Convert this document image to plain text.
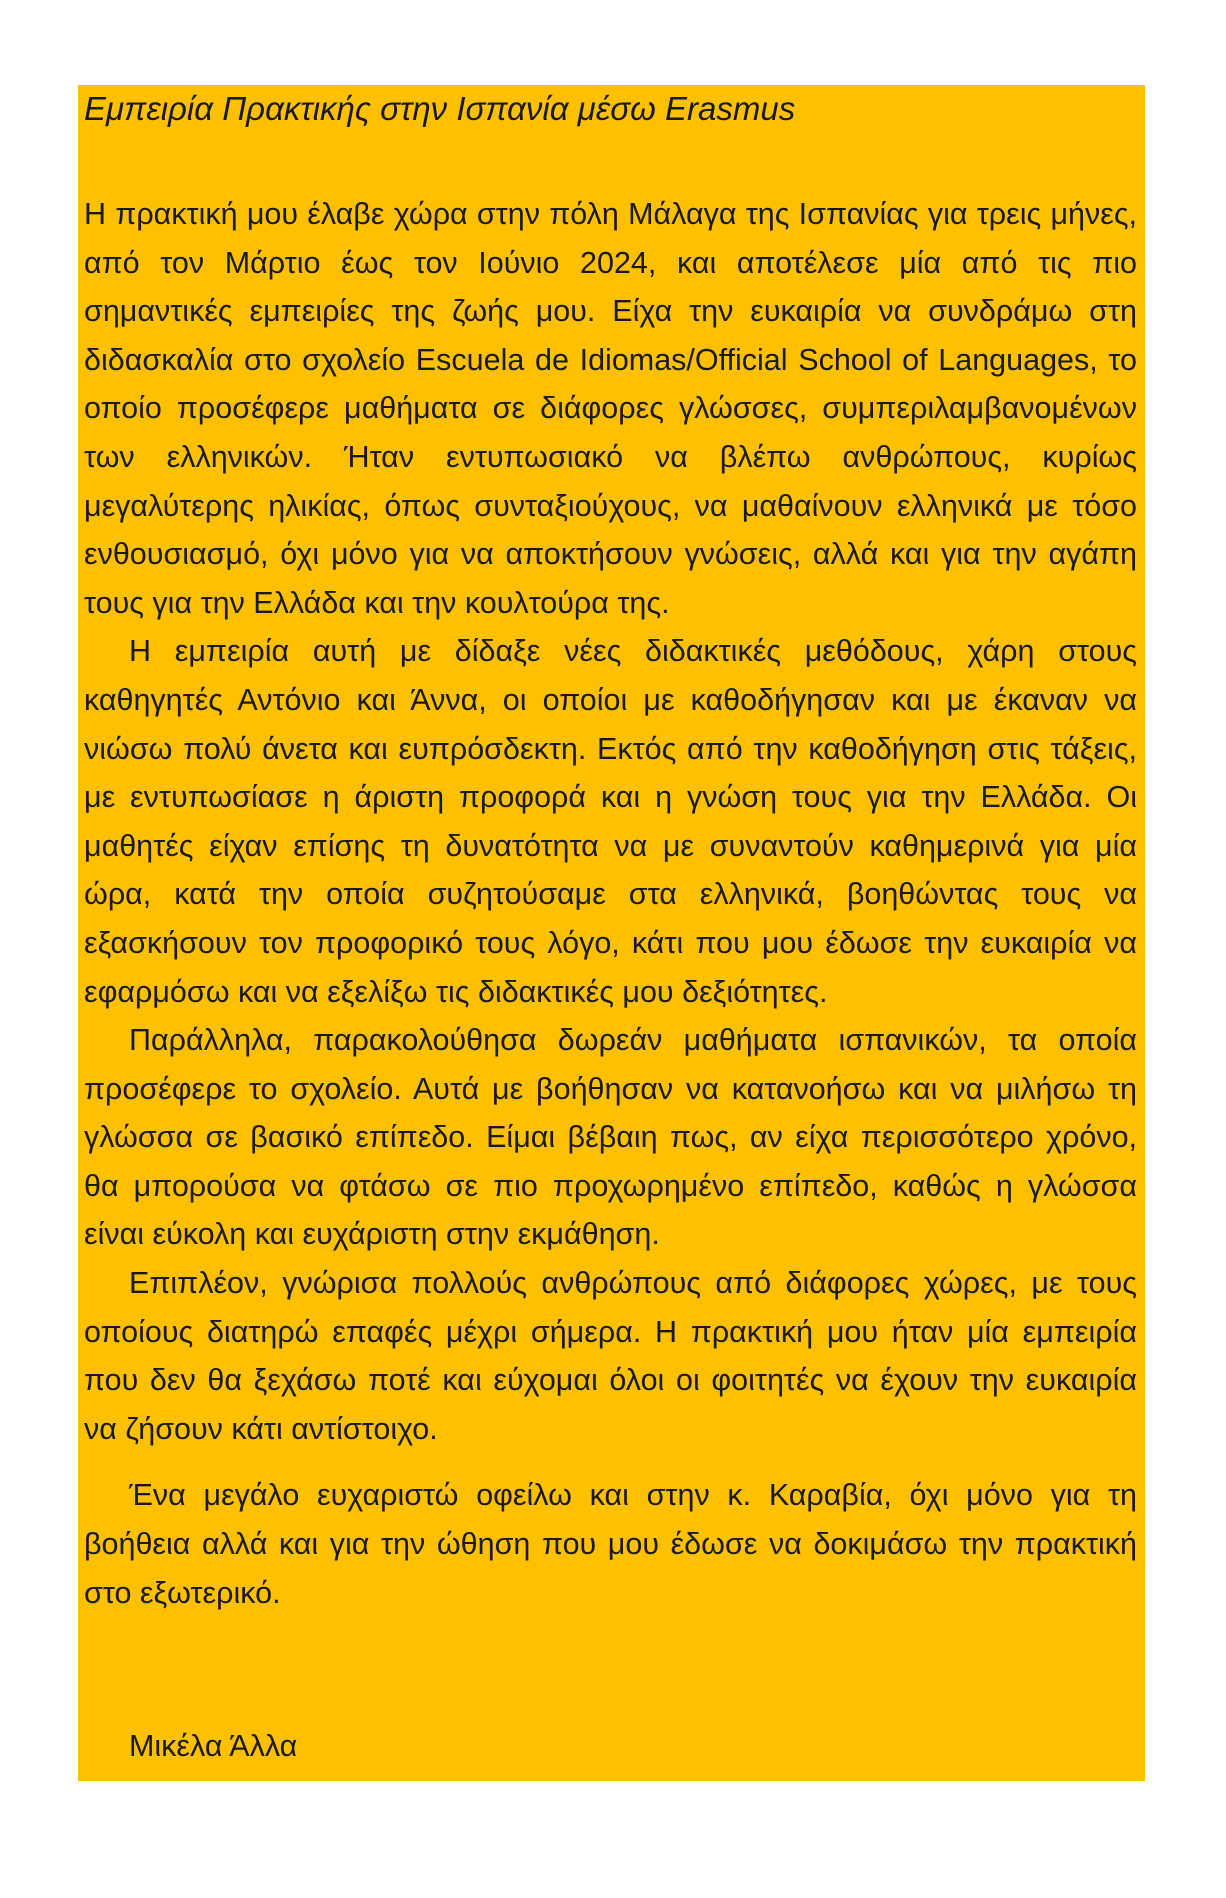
Εμπειρία Πρακτικής στην Ισπανία μέσω Erasmus

Η πρακτική μου έλαβε χώρα στην πόλη Μάλαγα της Ισπανίας για τρεις μήνες, από τον Μάρτιο έως τον Ιούνιο 2024, και αποτέλεσε μία από τις πιο σημαντικές εμπειρίες της ζωής μου. Είχα την ευκαιρία να συνδράμω στη διδασκαλία στο σχολείο Escuela de Idiomas/Official School of Languages, το οποίο προσέφερε μαθήματα σε διάφορες γλώσσες, συμπεριλαμβανομένων των ελληνικών. Ήταν εντυπωσιακό να βλέπω ανθρώπους, κυρίως μεγαλύτερης ηλικίας, όπως συνταξιούχους, να μαθαίνουν ελληνικά με τόσο ενθουσιασμό, όχι μόνο για να αποκτήσουν γνώσεις, αλλά και για την αγάπη τους για την Ελλάδα και την κουλτούρα της.

Η εμπειρία αυτή με δίδαξε νέες διδακτικές μεθόδους, χάρη στους καθηγητές Αντόνιο και Άννα, οι οποίοι με καθοδήγησαν και με έκαναν να νιώσω πολύ άνετα και ευπρόσδεκτη. Εκτός από την καθοδήγηση στις τάξεις, με εντυπωσίασε η άριστη προφορά και η γνώση τους για την Ελλάδα. Οι μαθητές είχαν επίσης τη δυνατότητα να με συναντούν καθημερινά για μία ώρα, κατά την οποία συζητούσαμε στα ελληνικά, βοηθώντας τους να εξασκήσουν τον προφορικό τους λόγο, κάτι που μου έδωσε την ευκαιρία να εφαρμόσω και να εξελίξω τις διδακτικές μου δεξιότητες.

Παράλληλα, παρακολούθησα δωρεάν μαθήματα ισπανικών, τα οποία προσέφερε το σχολείο. Αυτά με βοήθησαν να κατανοήσω και να μιλήσω τη γλώσσα σε βασικό επίπεδο. Είμαι βέβαιη πως, αν είχα περισσότερο χρόνο, θα μπορούσα να φτάσω σε πιο προχωρημένο επίπεδο, καθώς η γλώσσα είναι εύκολη και ευχάριστη στην εκμάθηση.

Επιπλέον, γνώρισα πολλούς ανθρώπους από διάφορες χώρες, με τους οποίους διατηρώ επαφές μέχρι σήμερα. Η πρακτική μου ήταν μία εμπειρία που δεν θα ξεχάσω ποτέ και εύχομαι όλοι οι φοιτητές να έχουν την ευκαιρία να ζήσουν κάτι αντίστοιχο.

Ένα μεγάλο ευχαριστώ οφείλω και στην κ. Καραβία, όχι μόνο για τη βοήθεια αλλά και για την ώθηση που μου έδωσε να δοκιμάσω την πρακτική στο εξωτερικό.

Μικέλα Άλλα
